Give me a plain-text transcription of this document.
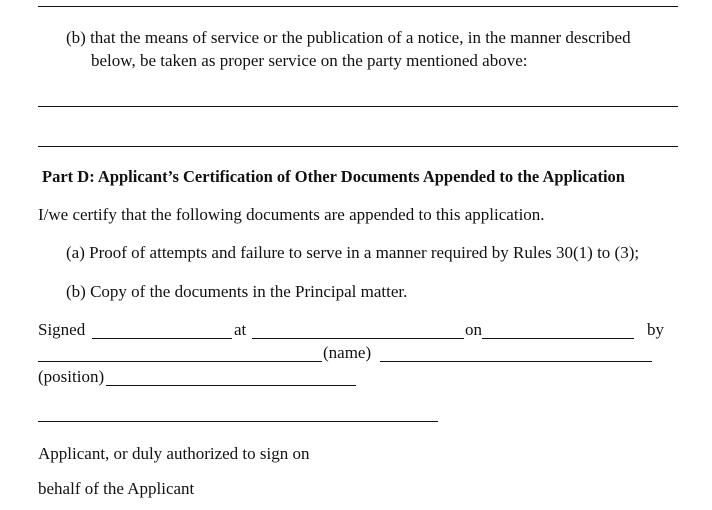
(b) that the means of service or the publication of a notice, in the manner described
below, be taken as proper service on the party mentioned above:
Part D: Applicant’s Certification of Other Documents Appended to the Application
I/we certify that the following documents are appended to this application.
(a) Proof of attempts and failure to serve in a manner required by Rules 30(1) to (3);
(b) Copy of the documents in the Principal matter.
Signed	at	on	by
(name)
(position)
Applicant, or duly authorized to sign on
behalf of the Applicant
